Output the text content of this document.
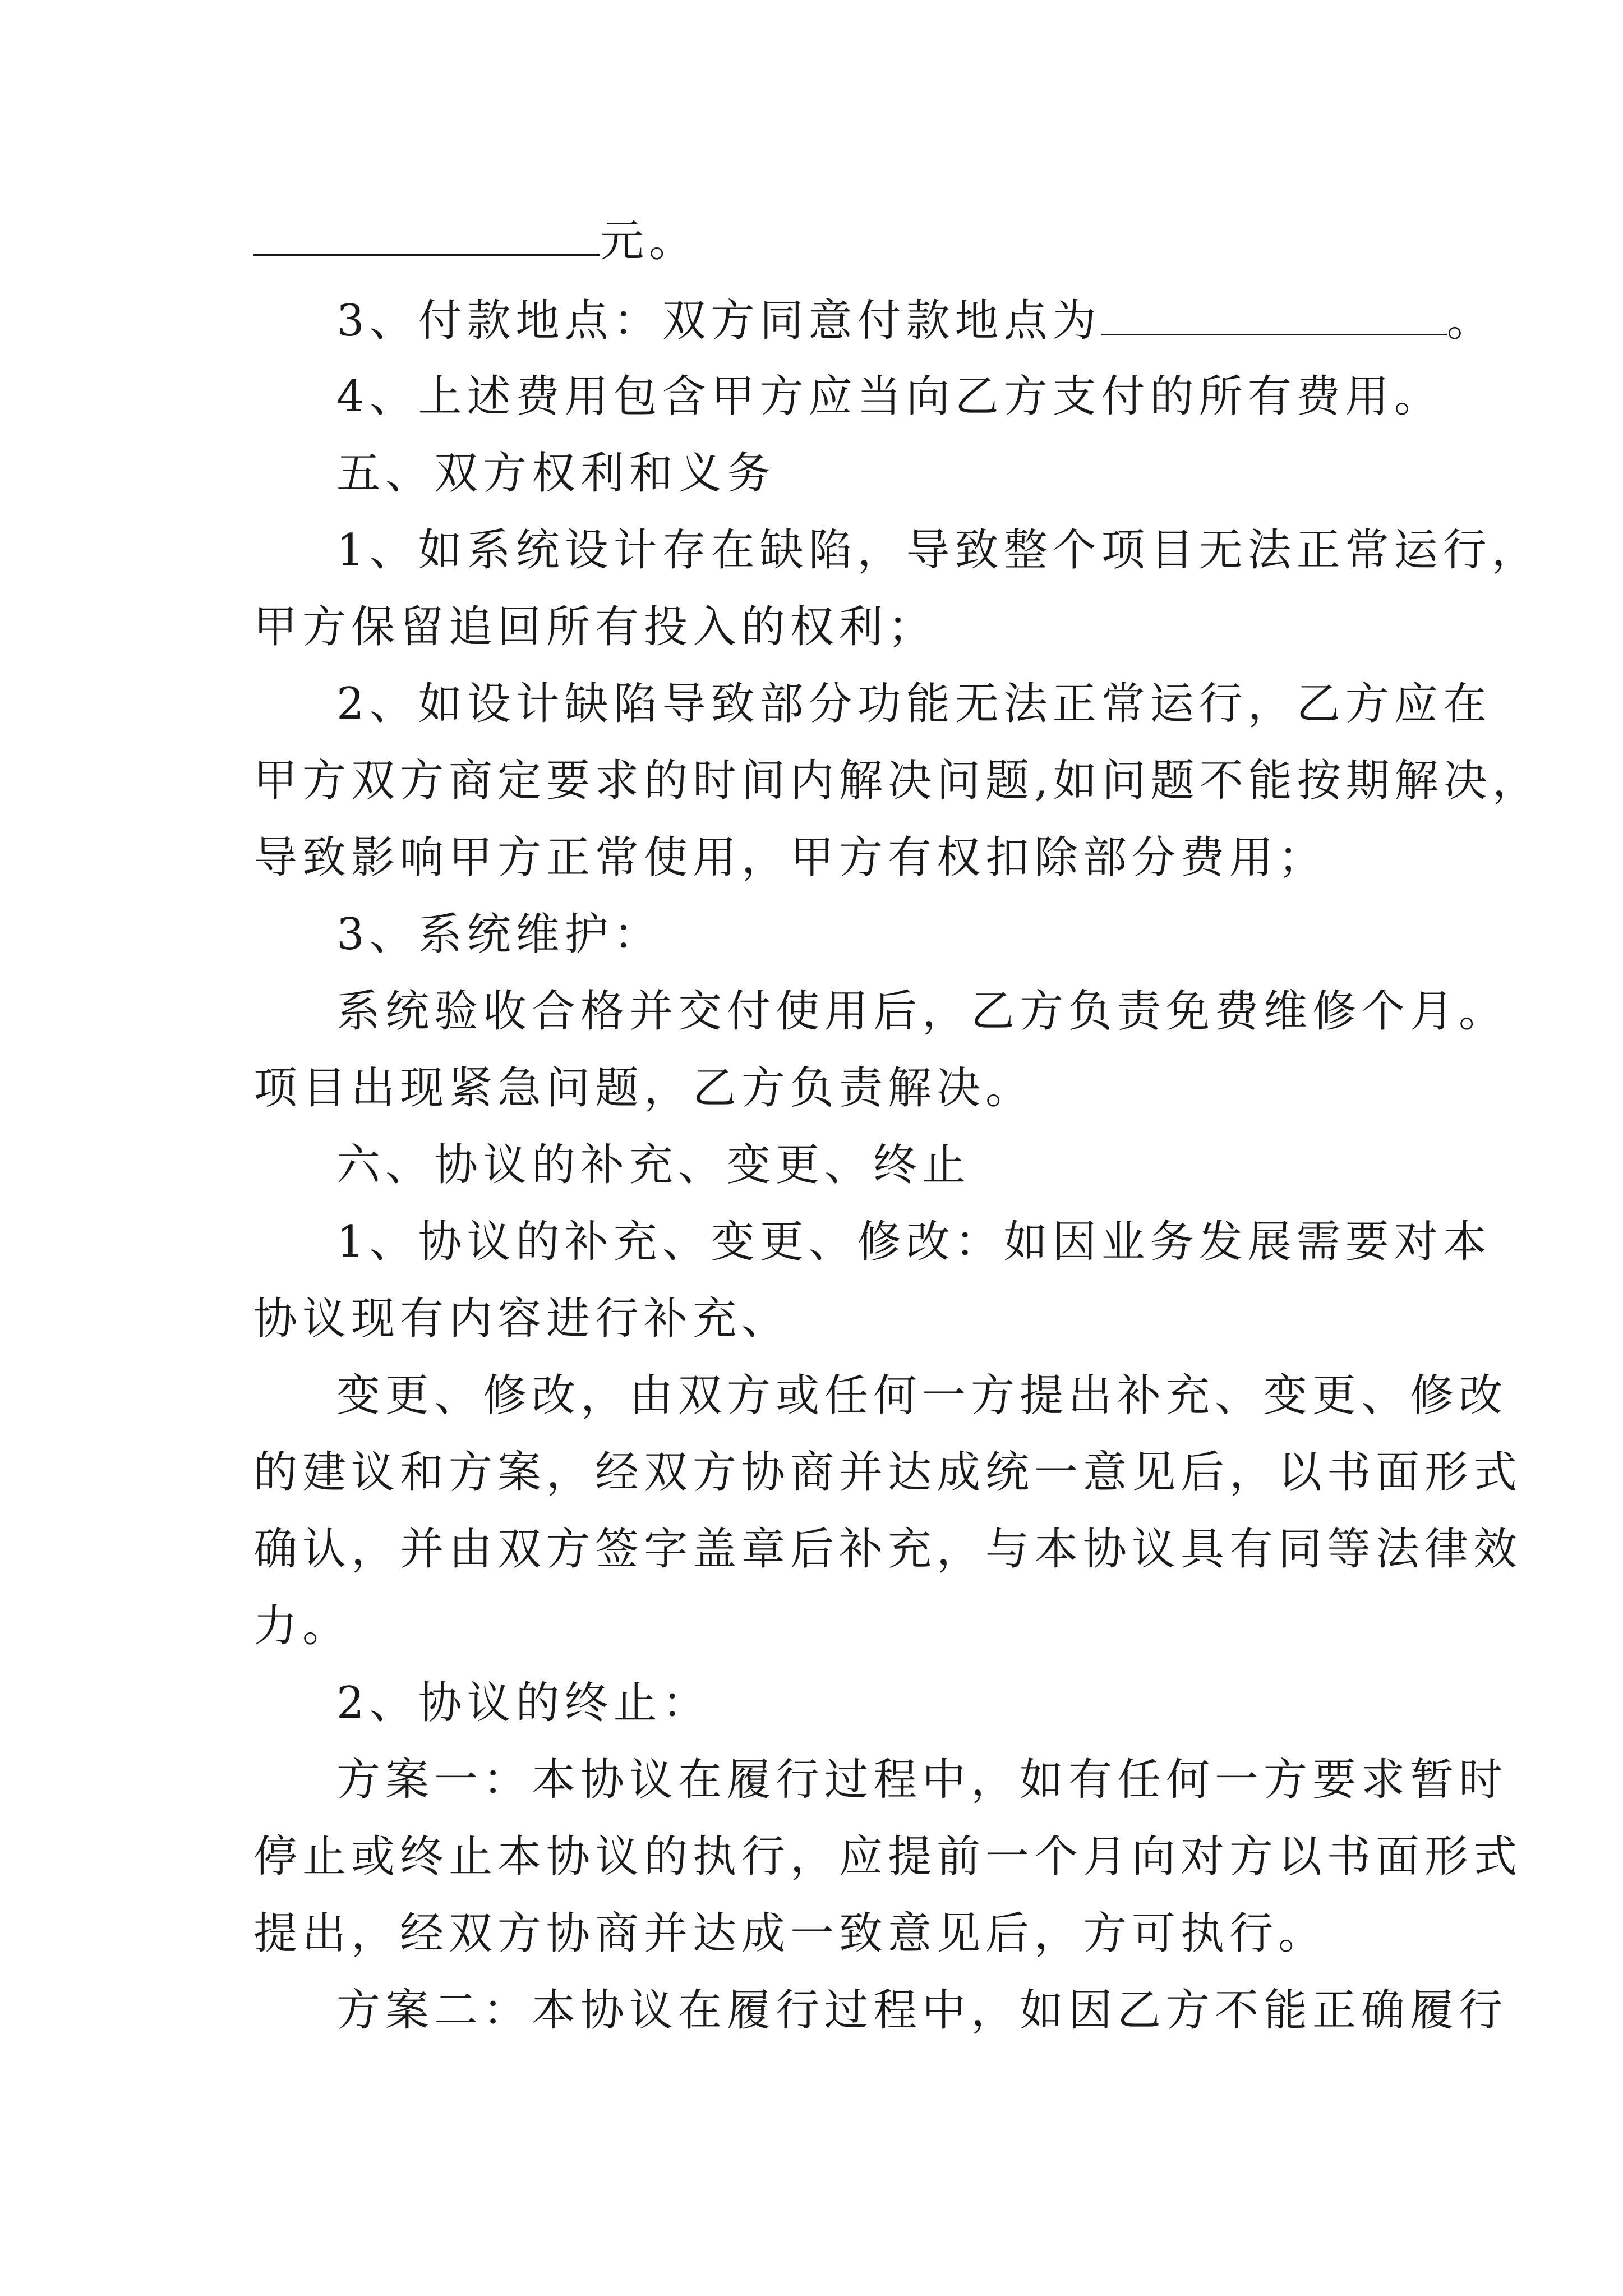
元。
3、付款地点：双方同意付款地点为	。
4、上述费用包含甲方应当向乙方支付的所有费用。
五、双方权利和义务
1、如系统设计存在缺陷，导致整个项目无法正常运行，
甲方保留追回所有投入的权利；
2、如设计缺陷导致部分功能无法正常运行，乙方应在
甲方双方商定要求的时间内解决问题,如问题不能按期解决，
导致影响甲方正常使用，甲方有权扣除部分费用；
3、系统维护：
系统验收合格并交付使用后，乙方负责免费维修个月。
项目出现紧急问题，乙方负责解决。
六、协议的补充、变更、终止
1、协议的补充、变更、修改：如因业务发展需要对本
协议现有内容进行补充、
变更、修改，由双方或任何一方提出补充、变更、修改
的建议和方案，经双方协商并达成统一意见后，以书面形式
确认，并由双方签字盖章后补充，与本协议具有同等法律效
力。
2、协议的终止：
方案一：本协议在履行过程中，如有任何一方要求暂时
停止或终止本协议的执行，应提前一个月向对方以书面形式
提出，经双方协商并达成一致意见后，方可执行。
方案二：本协议在履行过程中，如因乙方不能正确履行
